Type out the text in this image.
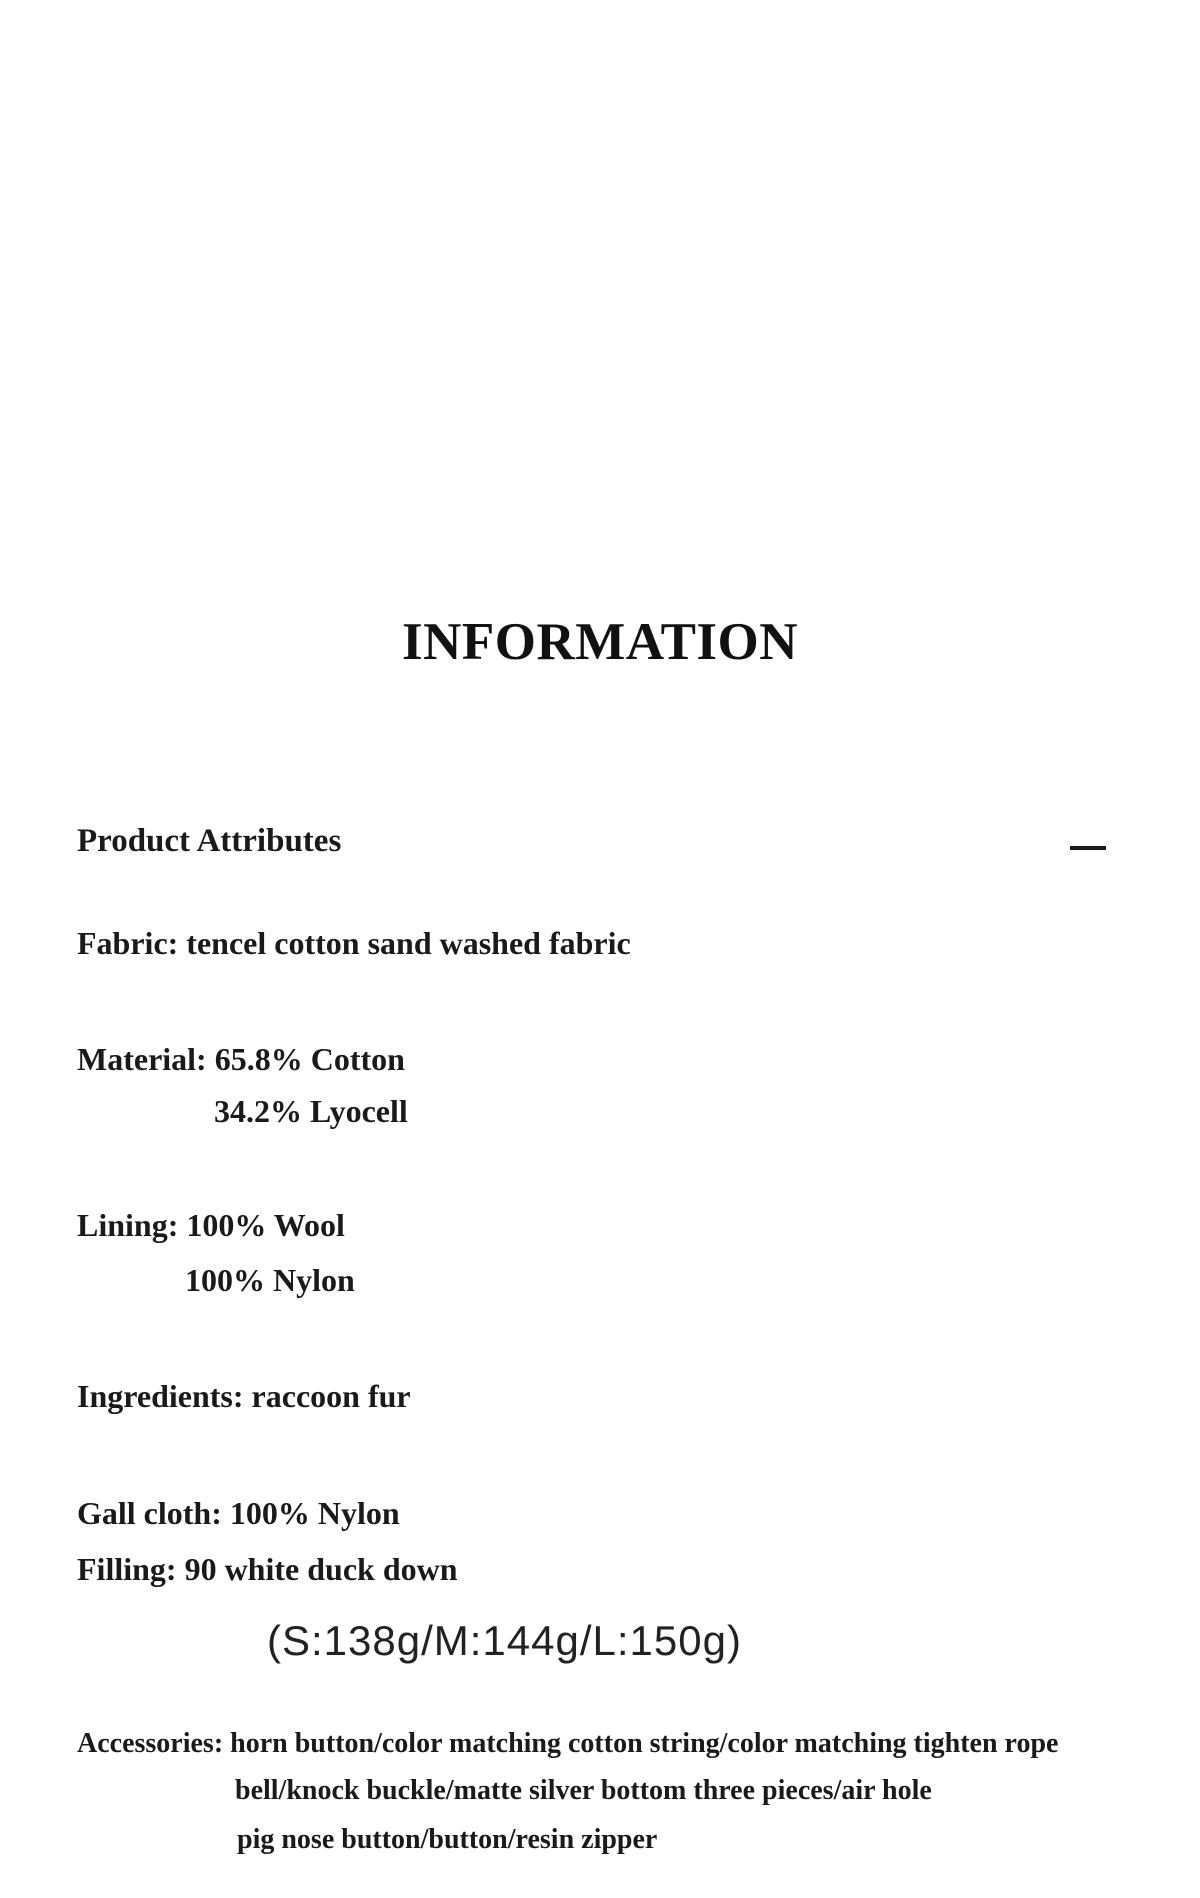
INFORMATION
Product Attributes
Fabric: tencel cotton sand washed fabric
Material: 65.8% Cotton
34.2% Lyocell
Lining: 100% Wool
100% Nylon
Ingredients: raccoon fur
Gall cloth: 100% Nylon
Filling: 90 white duck down
(S:138g/M:144g/L:150g)
Accessories: horn button/color matching cotton string/color matching tighten rope
bell/knock buckle/matte silver bottom three pieces/air hole
pig nose button/button/resin zipper
